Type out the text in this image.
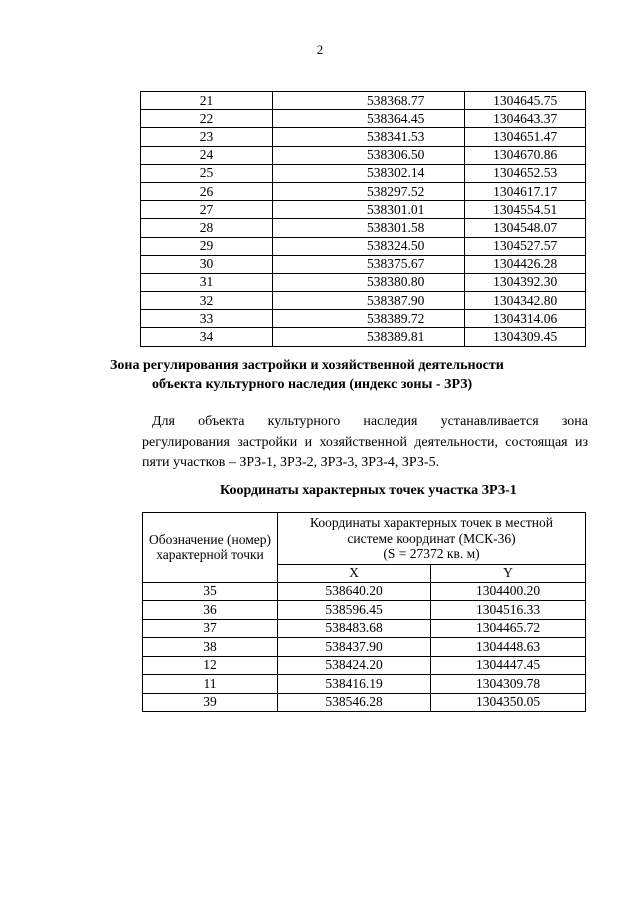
2
21	538368.77	1304645.75
22	538364.45	1304643.37
23	538341.53	1304651.47
24	538306.50	1304670.86
25	538302.14	1304652.53
26	538297.52	1304617.17
27	538301.01	1304554.51
28	538301.58	1304548.07
29	538324.50	1304527.57
30	538375.67	1304426.28
31	538380.80	1304392.30
32	538387.90	1304342.80
33	538389.72	1304314.06
34	538389.81	1304309.45
Зона регулирования застройки и хозяйственной деятельности
объекта культурного наследия (индекс зоны - ЗРЗ)
Для объекта культурного наследия устанавливается зона
регулирования застройки и хозяйственной деятельности, состоящая из пяти участков – ЗРЗ-1, ЗРЗ-2, ЗРЗ-3, ЗРЗ-4, ЗРЗ-5.
Координаты характерных точек участка ЗРЗ-1
Обозначение (номер) характерной точки	Координаты характерных точек в местной
системе координат (МСК-36)
(S = 27372 кв. м)	
	X	Y
35	538640.20	1304400.20
36	538596.45	1304516.33
37	538483.68	1304465.72
38	538437.90	1304448.63
12	538424.20	1304447.45
11	538416.19	1304309.78
39	538546.28	1304350.05
